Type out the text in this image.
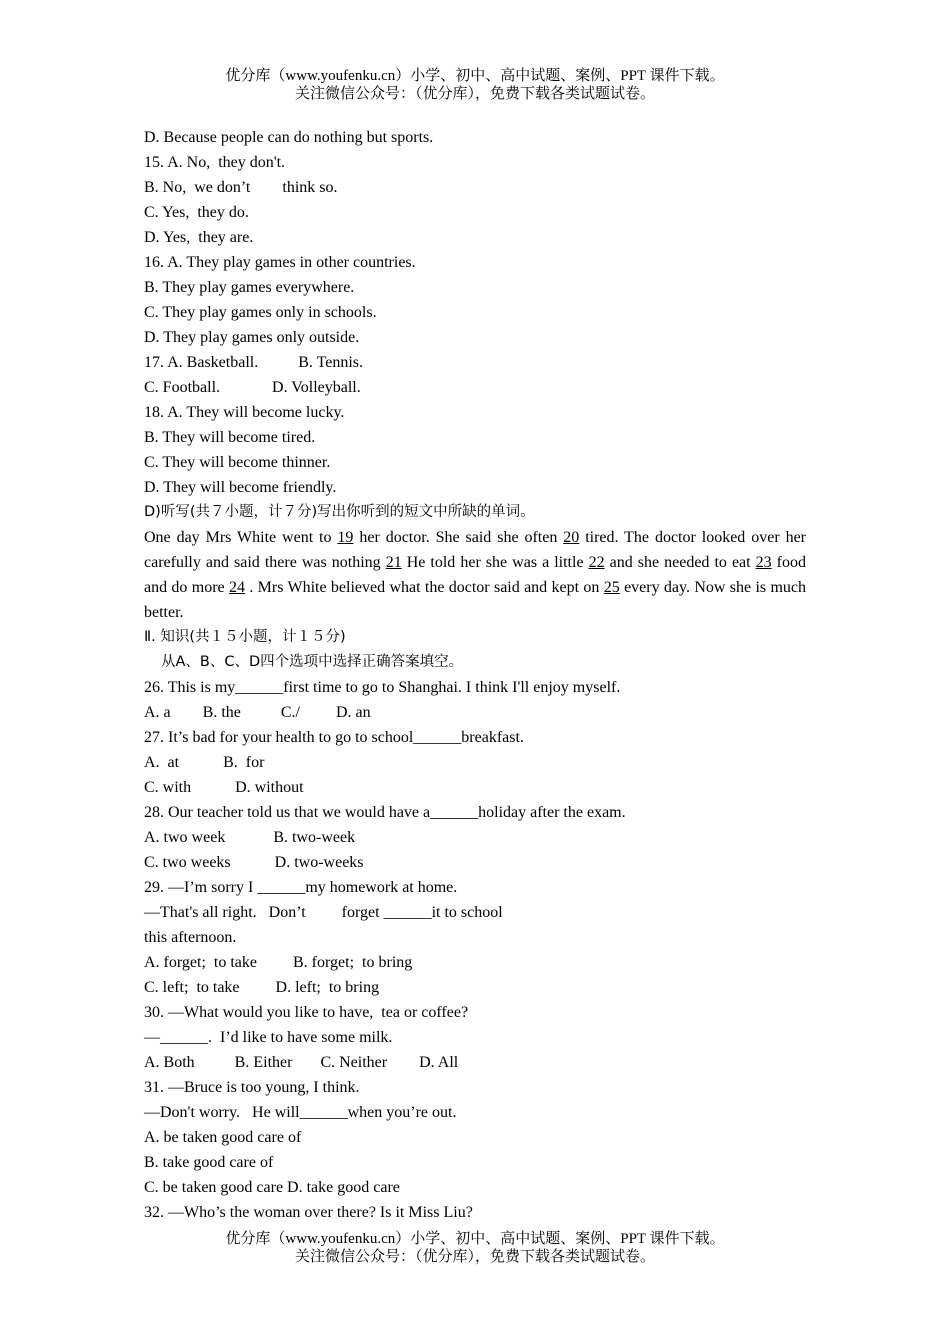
优分库（www.youfenku.cn）小学、初中、高中试题、案例、PPT 课件下载。
关注微信公众号：（优分库），免费下载各类试题试卷。
D. Because people can do nothing but sports.
15. A. No,  they don't.
B. No,  we don’t        think so.
C. Yes,  they do.
D. Yes,  they are.
16. A. They play games in other countries.
B. They play games everywhere.
C. They play games only in schools.
D. They play games only outside.
17. A. Basketball.          B. Tennis.
C. Football.             D. Volleyball.
18. A. They will become lucky.
B. They will become tired.
C. They will become thinner.
D. They will become friendly.
D)听写(共７小题，计７分)写出你听到的短文中所缺的单词。
One day Mrs White went to 19 her doctor. She said she often 20 tired. The doctor looked over her carefully and said there was nothing 21 He told her she was a little 22 and she needed to eat 23 food and do more 24 . Mrs White believed what the doctor said and kept on 25 every day. Now she is much better.
Ⅱ. 知识(共１５小题，计１５分)
从A、B、C、D四个选项中选择正确答案填空。
26. This is my______first time to go to Shanghai. I think I'll enjoy myself.
A. a        B. the          C./         D. an
27. It’s bad for your health to go to school______breakfast.
A.  at           B.  for
C. with           D. without
28. Our teacher told us that we would have a______holiday after the exam.
A. two week            B. two-week
C. two weeks           D. two-weeks
29. —I’m sorry I ______my homework at home.
—That's all right.   Don’t         forget ______it to school
this afternoon.
A. forget;  to take         B. forget;  to bring
C. left;  to take         D. left;  to bring
30. —What would you like to have,  tea or coffee?
—______.  I’d like to have some milk.
A. Both          B. Either       C. Neither        D. All
31. —Bruce is too young, I think.
—Don't worry.   He will______when you’re out.
A. be taken good care of
B. take good care of
C. be taken good care D. take good care
32. —Who’s the woman over there? Is it Miss Liu?
优分库（www.youfenku.cn）小学、初中、高中试题、案例、PPT 课件下载。
关注微信公众号：（优分库），免费下载各类试题试卷。
